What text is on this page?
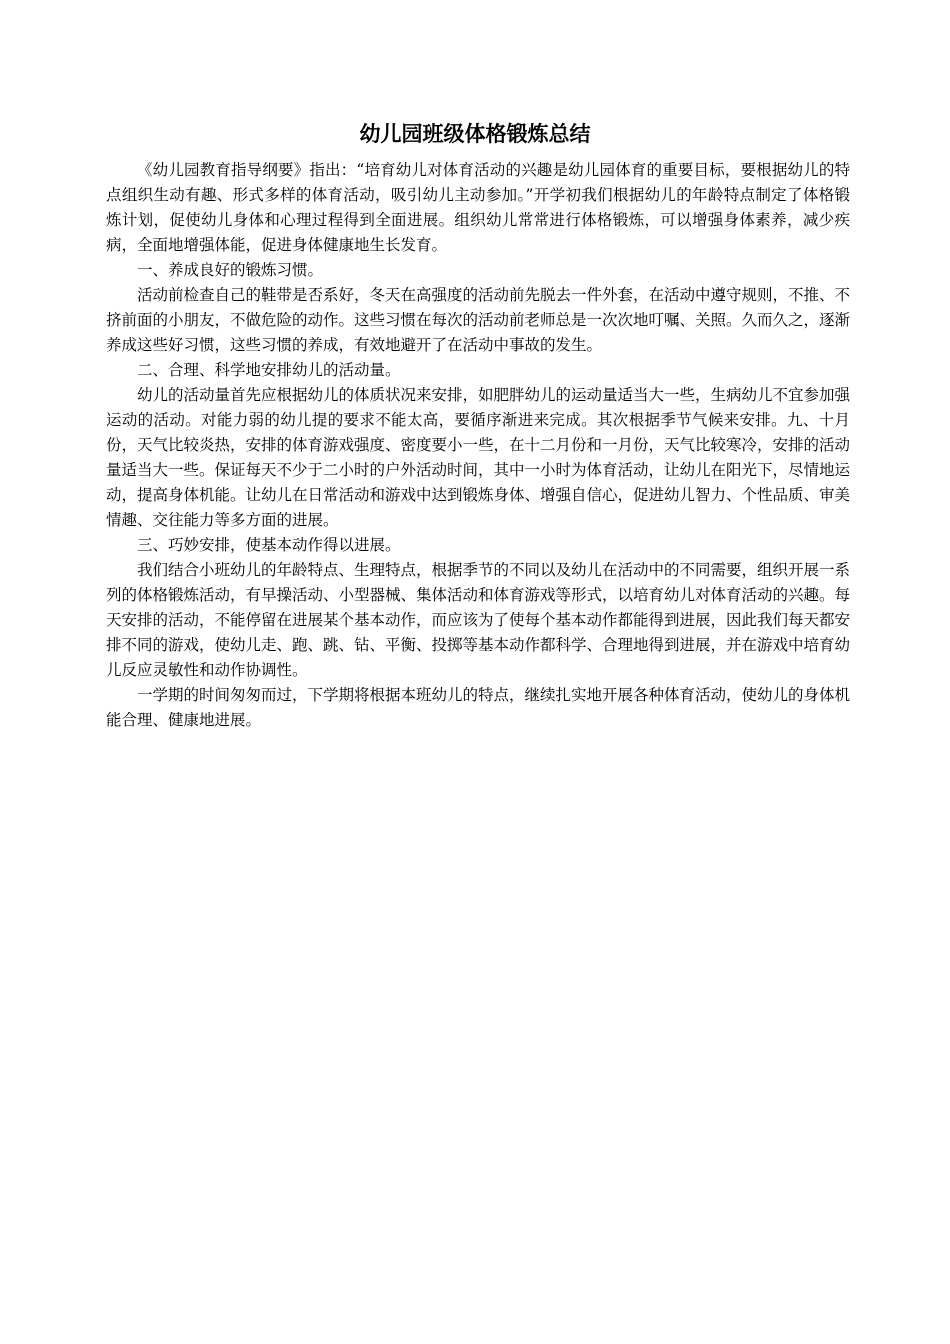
幼儿园班级体格锻炼总结

《幼儿园教育指导纲要》指出：“培育幼儿对体育活动的兴趣是幼儿园体育的重要目标，要根据幼儿的特点组织生动有趣、形式多样的体育活动，吸引幼儿主动参加。”开学初我们根据幼儿的年龄特点制定了体格锻炼计划，促使幼儿身体和心理过程得到全面进展。组织幼儿常常进行体格锻炼，可以增强身体素养，减少疾病，全面地增强体能，促进身体健康地生长发育。

一、养成良好的锻炼习惯。

活动前检查自己的鞋带是否系好，冬天在高强度的活动前先脱去一件外套，在活动中遵守规则，不推、不挤前面的小朋友，不做危险的动作。这些习惯在每次的活动前老师总是一次次地叮嘱、关照。久而久之，逐渐养成这些好习惯，这些习惯的养成，有效地避开了在活动中事故的发生。

二、合理、科学地安排幼儿的活动量。

幼儿的活动量首先应根据幼儿的体质状况来安排，如肥胖幼儿的运动量适当大一些，生病幼儿不宜参加强运动的活动。对能力弱的幼儿提的要求不能太高，要循序渐进来完成。其次根据季节气候来安排。九、十月份，天气比较炎热，安排的体育游戏强度、密度要小一些，在十二月份和一月份，天气比较寒冷，安排的活动量适当大一些。保证每天不少于二小时的户外活动时间，其中一小时为体育活动，让幼儿在阳光下，尽情地运动，提高身体机能。让幼儿在日常活动和游戏中达到锻炼身体、增强自信心，促进幼儿智力、个性品质、审美情趣、交往能力等多方面的进展。

三、巧妙安排，使基本动作得以进展。

我们结合小班幼儿的年龄特点、生理特点，根据季节的不同以及幼儿在活动中的不同需要，组织开展一系列的体格锻炼活动，有早操活动、小型器械、集体活动和体育游戏等形式，以培育幼儿对体育活动的兴趣。每天安排的活动，不能停留在进展某个基本动作，而应该为了使每个基本动作都能得到进展，因此我们每天都安排不同的游戏，使幼儿走、跑、跳、钻、平衡、投掷等基本动作都科学、合理地得到进展，并在游戏中培育幼儿反应灵敏性和动作协调性。

一学期的时间匆匆而过，下学期将根据本班幼儿的特点，继续扎实地开展各种体育活动，使幼儿的身体机能合理、健康地进展。
